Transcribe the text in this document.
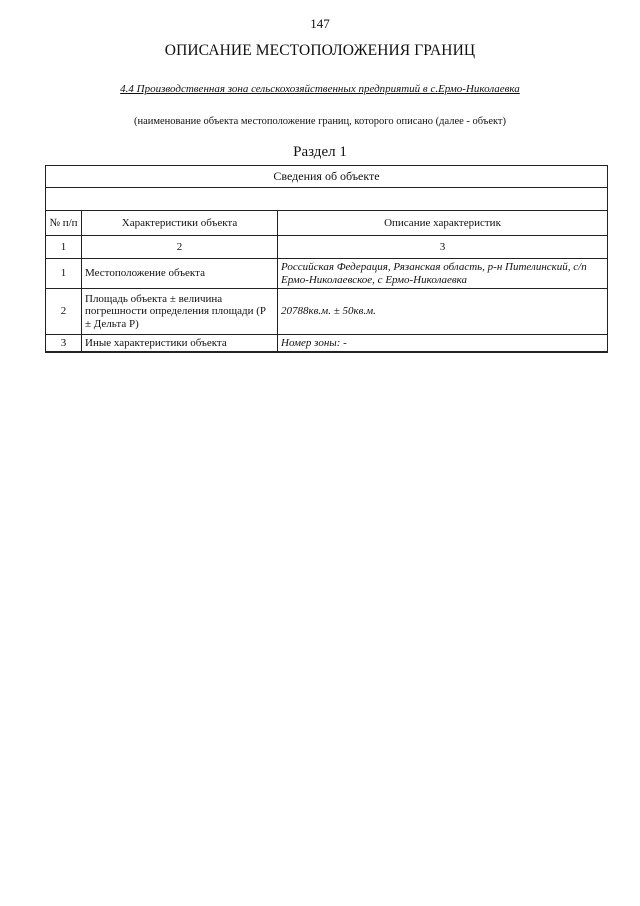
147
ОПИСАНИЕ МЕСТОПОЛОЖЕНИЯ ГРАНИЦ
4.4 Производственная зона сельскохозяйственных предприятий в с.Ермо-Николаевка
(наименование объекта местоположение границ, которого описано (далее - объект)
Раздел 1
Сведения об объекте		

№ п/п	Характеристики объекта	Описание характеристик
1	2	3
1	Местоположение объекта	Российская Федерация, Рязанская область, р-н Пителинский, с/п Ермо-Николаевское, с Ермо-Николаевка
2	Площадь объекта ± величина погрешности определения площади (Р ± Дельта Р)	20788кв.м. ± 50кв.м.
3	Иные характеристики объекта	Номер зоны: -
